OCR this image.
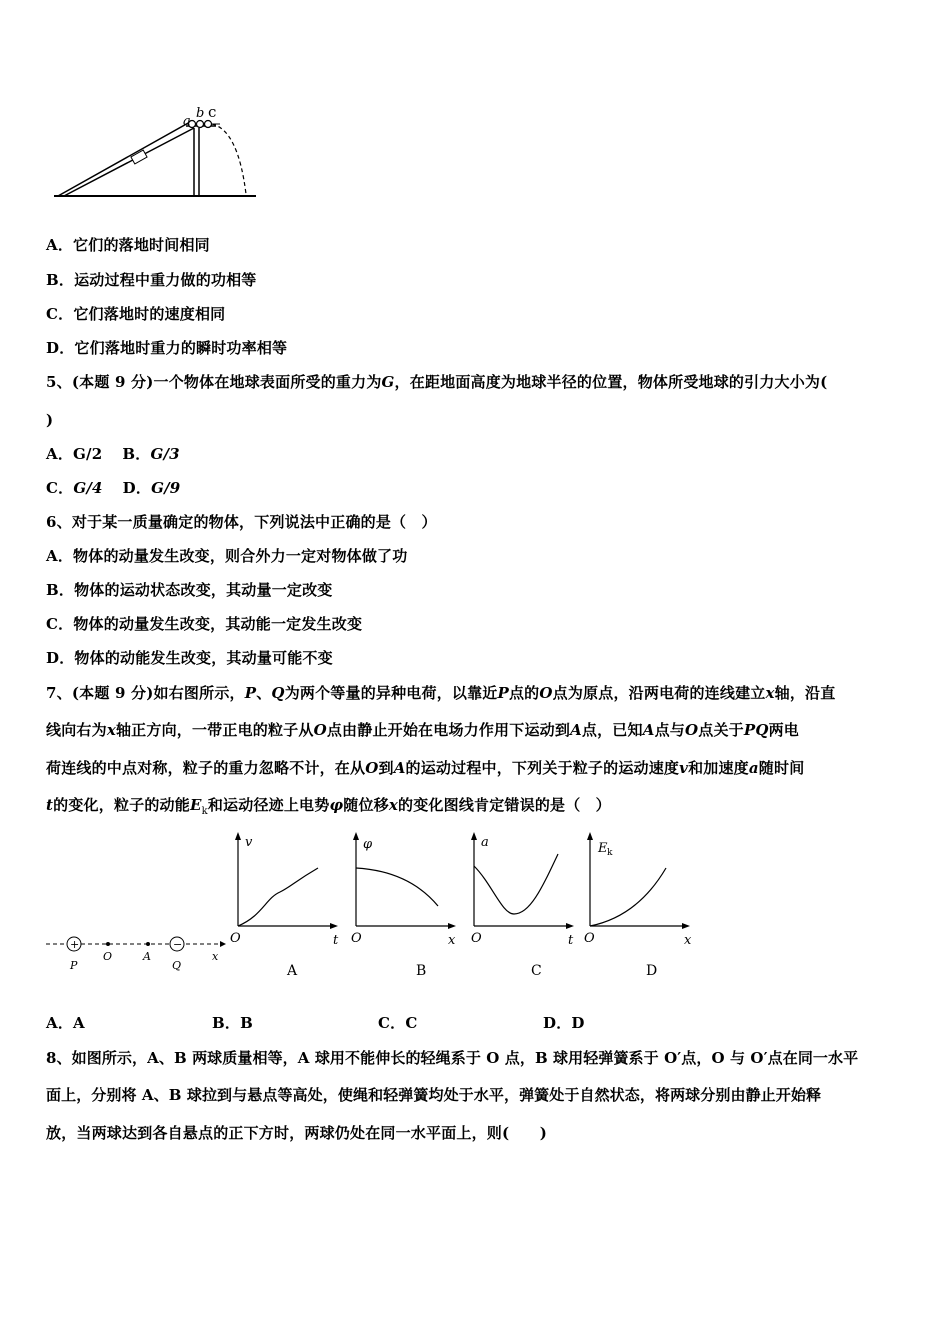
a
b c
A．它们的落地时间相同
B．运动过程中重力做的功相等
C．它们落地时的速度相同
D．它们落地时重力的瞬时功率相等
5、(本题 9 分)一个物体在地球表面所受的重力为G，在距地面高度为地球半径的位置，物体所受地球的引力大小为(
)
A．G/2 B．G/3
C．G/4 D．G/9
6、对于某一质量确定的物体，下列说法中正确的是（　）
A．物体的动量发生改变，则合外力一定对物体做了功
B．物体的运动状态改变，其动量一定改变
C．物体的动量发生改变，其动能一定发生改变
D．物体的动能发生改变，其动量可能不变
7、(本题 9 分)如右图所示，P、Q为两个等量的异种电荷，以靠近P点的O点为原点，沿两电荷的连线建立x轴，沿直
线向右为x轴正方向，一带正电的粒子从O点由静止开始在电场力作用下运动到A点，已知A点与O点关于PQ两电
荷连线的中点对称，粒子的重力忽略不计，在从O到A的运动过程中，下列关于粒子的运动速度v和加速度a随时间
t的变化，粒子的动能$E_k$和运动径迹上电势φ随位移x的变化图线肯定错误的是（　）
+	−
P
O	A
Q
x
v
t
O
A
φ
x
O
B
a
t
O
C
E k
x
O
D
A．A	B．B	C．C	D．D
8、如图所示，A、B 两球质量相等，A 球用不能伸长的轻绳系于 O 点，B 球用轻弹簧系于 O′点，O 与 O′点在同一水平
面上，分别将 A、B 球拉到与悬点等高处，使绳和轻弹簧均处于水平，弹簧处于自然状态，将两球分别由静止开始释
放，当两球达到各自悬点的正下方时，两球仍处在同一水平面上，则(　　)
